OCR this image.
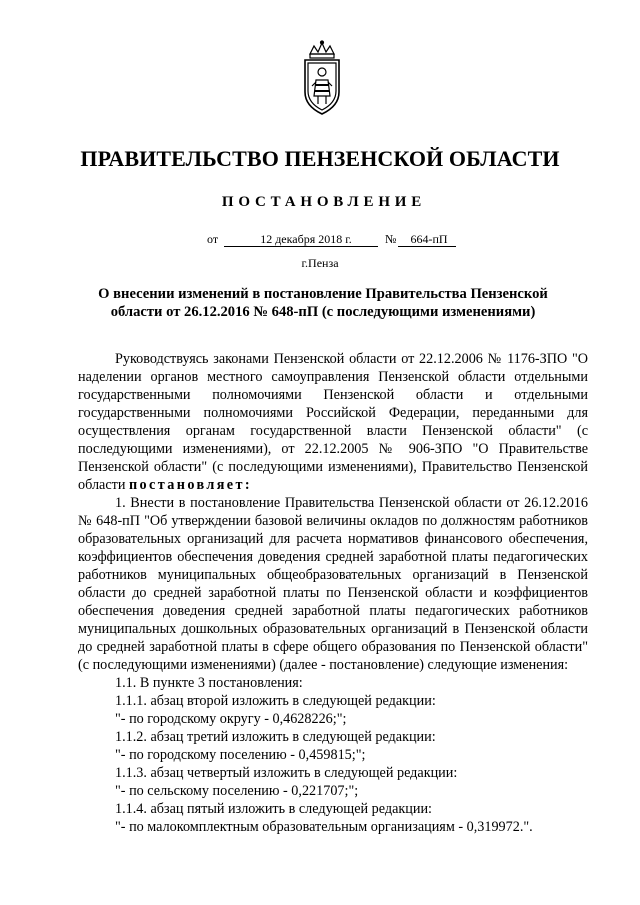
ПРАВИТЕЛЬСТВО ПЕНЗЕНСКОЙ ОБЛАСТИ
ПОСТАНОВЛЕНИЕ
от	12 декабря 2018 г.	№	664-пП
г.Пенза
О внесении изменений в постановление Правительства Пензенской области от 26.12.2016 № 648-пП (с последующими изменениями)

Руководствуясь законами Пензенской области от 22.12.2006 № 1176-ЗПО "О наделении органов местного самоуправления Пензенской области отдельными государственными полномочиями Пензенской области и отдельными государственными полномочиями Российской Федерации, переданными для осуществления органам государственной власти Пензенской области" (с последующими изменениями), от 22.12.2005 № 906-ЗПО "О Правительстве Пензенской области" (с последующими изменениями), Правительство Пензенской области постановляет:

1. Внести в постановление Правительства Пензенской области от 26.12.2016 № 648-пП "Об утверждении базовой величины окладов по должностям работников образовательных организаций для расчета нормативов финансового обеспечения, коэффициентов обеспечения доведения средней заработной платы педагогических работников муниципальных общеобразовательных организаций в Пензенской области до средней заработной платы по Пензенской области и коэффициентов обеспечения доведения средней заработной платы педагогических работников муниципальных дошкольных образовательных организаций в Пензенской области до средней заработной платы в сфере общего образования по Пензенской области" (с последующими изменениями) (далее - постановление) следующие изменения:

1.1. В пункте 3 постановления:
1.1.1. абзац второй изложить в следующей редакции:
"- по городскому округу - 0,4628226;";
1.1.2. абзац третий изложить в следующей редакции:
"- по городскому поселению - 0,459815;";
1.1.3. абзац четвертый изложить в следующей редакции:
"- по сельскому поселению - 0,221707;";
1.1.4. абзац пятый изложить в следующей редакции:
"- по малокомплектным образовательным организациям - 0,319972.".
